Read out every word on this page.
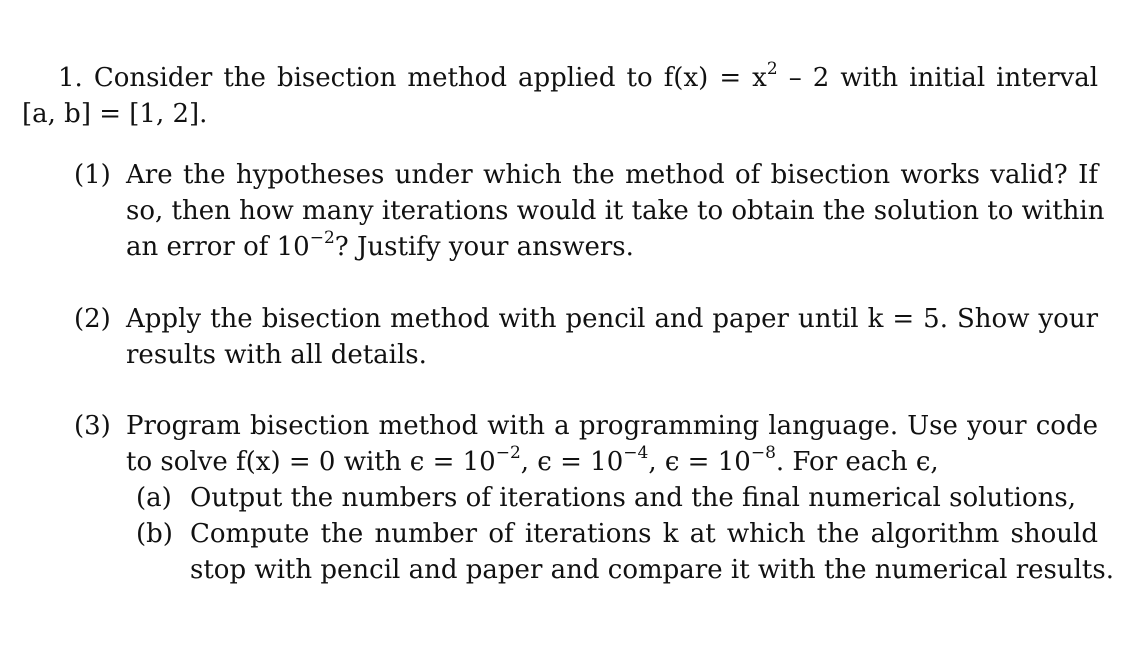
1. Consider the bisection method applied to $f(x) = x^2 - 2$ with initial interval
[a, b] = [1, 2].
(1) Are the hypotheses under which the method of bisection works valid? If
so, then how many iterations would it take to obtain the solution to within
an error of $10^{-2}$? Justify your answers.
(2) Apply the bisection method with pencil and paper until k = 5. Show your
results with all details.
(3) Program bisection method with a programming language. Use your code
to solve f(x) = 0 with $\epsilon = 10^{-2}$, $\epsilon = 10^{-4}$, $\epsilon = 10^{-8}$. For each ϵ,
(a) Output the numbers of iterations and the final numerical solutions,
(b) Compute the number of iterations k at which the algorithm should
stop with pencil and paper and compare it with the numerical results.
